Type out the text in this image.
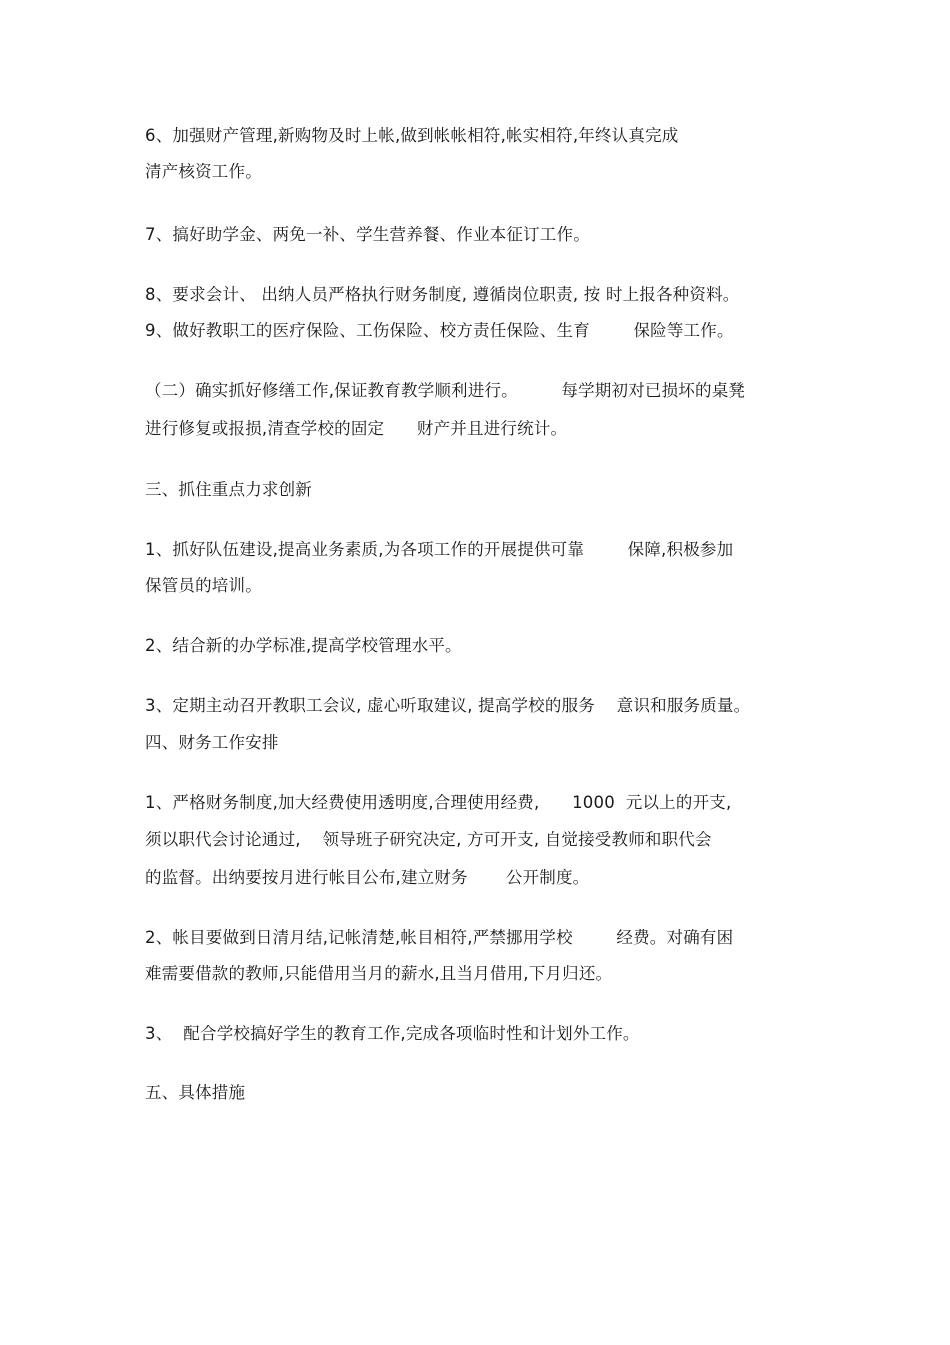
6、加强财产管理,新购物及时上帐,做到帐帐相符,帐实相符,年终认真完成
清产核资工作。
7、搞好助学金、两免一补、学生营养餐、作业本征订工作。
8、要求会计、 出纳人员严格执行财务制度, 遵循岗位职责, 按 时上报各种资料。
9、做好教职工的医疗保险、工伤保险、校方责任保险、生育        保险等工作。
（二）确实抓好修缮工作,保证教育教学顺利进行。        每学期初对已损坏的桌凳
进行修复或报损,清查学校的固定      财产并且进行统计。
三、抓住重点力求创新
1、抓好队伍建设,提高业务素质,为各项工作的开展提供可靠        保障,积极参加
保管员的培训。
2、结合新的办学标准,提高学校管理水平。
3、定期主动召开教职工会议, 虚心听取建议, 提高学校的服务    意识和服务质量。
四、财务工作安排
1、严格财务制度,加大经费使用透明度,合理使用经费,      1000  元以上的开支,
须以职代会讨论通过,    领导班子研究决定, 方可开支, 自觉接受教师和职代会
的监督。出纳要按月进行帐目公布,建立财务       公开制度。
2、帐目要做到日清月结,记帐清楚,帐目相符,严禁挪用学校        经费。对确有困
难需要借款的教师,只能借用当月的薪水,且当月借用,下月归还。
3、  配合学校搞好学生的教育工作,完成各项临时性和计划外工作。
五、具体措施
